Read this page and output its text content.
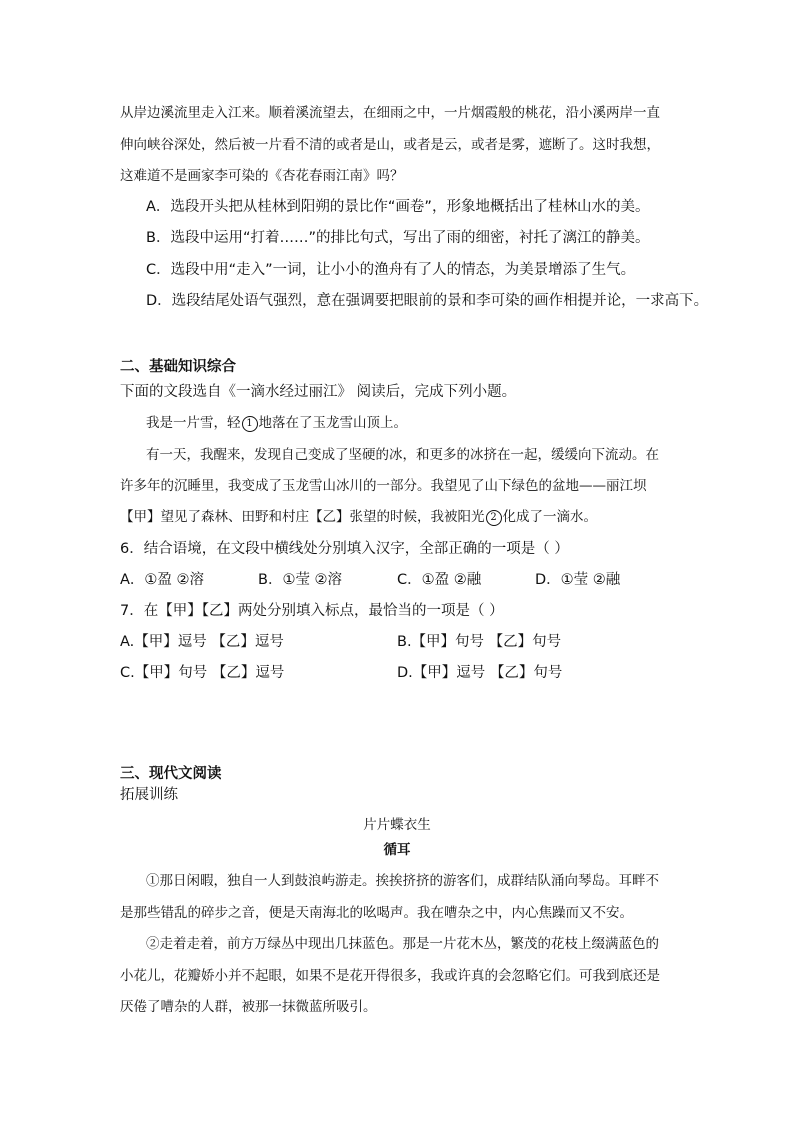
从岸边溪流里走入江来。顺着溪流望去，在细雨之中，一片烟霞般的桃花，沿小溪两岸一直
伸向峡谷深处，然后被一片看不清的或者是山，或者是云，或者是雾，遮断了。这时我想，
这难道不是画家李可染的《杏花春雨江南》吗？
A．选段开头把从桂林到阳朔的景比作“画卷”，形象地概括出了桂林山水的美。
B．选段中运用“打着……”的排比句式，写出了雨的细密，衬托了漓江的静美。
C．选段中用“走入”一词，让小小的渔舟有了人的情态，为美景增添了生气。
D．选段结尾处语气强烈，意在强调要把眼前的景和李可染的画作相提并论，一求高下。
二、基础知识综合
下面的文段选自《一滴水经过丽江》 阅读后，完成下列小题。
我是一片雪，轻 1 地落在了玉龙雪山顶上。
有一天，我醒来，发现自己变成了坚硬的冰，和更多的冰挤在一起，缓缓向下流动。在
许多年的沉睡里，我变成了玉龙雪山冰川的一部分。我望见了山下绿色的盆地——丽江坝
【甲】望见了森林、田野和村庄【乙】张望的时候，我被阳光 2 化成了一滴水。
6．结合语境，在文段中横线处分别填入汉字，全部正确的一项是（ ）
A．①盈 ②溶	B．①莹 ②溶	C．①盈 ②融	D．①莹 ②融
7．在【甲】【乙】两处分别填入标点，最恰当的一项是（ ）
A.【甲】逗号 【乙】逗号	B.【甲】句号 【乙】句号
C.【甲】句号 【乙】逗号	D.【甲】逗号 【乙】句号
三、现代文阅读
拓展训练
片片蝶衣生
循耳
①那日闲暇，独自一人到鼓浪屿游走。挨挨挤挤的游客们，成群结队涌向琴岛。耳畔不
是那些错乱的碎步之音，便是天南海北的吆喝声。我在嘈杂之中，内心焦躁而又不安。
②走着走着，前方万绿丛中现出几抹蓝色。那是一片花木丛，繁茂的花枝上缀满蓝色的
小花儿，花瓣娇小并不起眼，如果不是花开得很多，我或许真的会忽略它们。可我到底还是
厌倦了嘈杂的人群，被那一抹微蓝所吸引。
